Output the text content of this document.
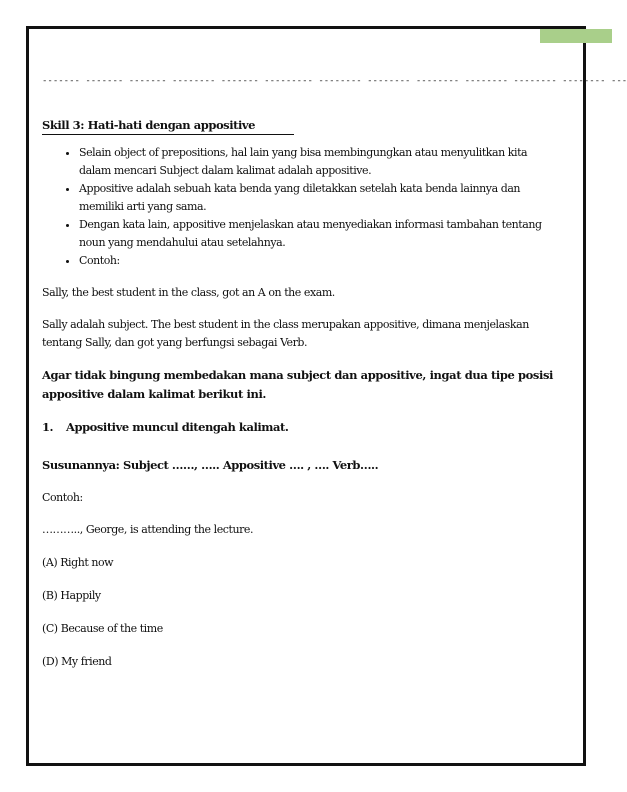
------- ------- ------- -------- ------- --------- -------- -------- -------- -------- -------- -------- ---

Skill 3: Hati-hati dengan appositive
• Selain object of prepositions, hal lain yang bisa membingungkan atau menyulitkan kita dalam mencari Subject dalam kalimat adalah appositive.
• Appositive adalah sebuah kata benda yang diletakkan setelah kata benda lainnya dan memiliki arti yang sama.
• Dengan kata lain, appositive menjelaskan atau menyediakan informasi tambahan tentang noun yang mendahului atau setelahnya.
• Contoh:

Sally, the best student in the class, got an A on the exam.

Sally adalah subject. The best student in the class merupakan appositive, dimana menjelaskan tentang Sally, dan got yang berfungsi sebagai Verb.

Agar tidak bingung membedakan mana subject dan appositive, ingat dua tipe posisi appositive dalam kalimat berikut ini.

1.	Appositive muncul ditengah kalimat.

Susunannya: Subject ……, ….. Appositive …. , …. Verb…..

Contoh:

……….., George, is attending the lecture.

(A) Right now

(B) Happily

(C) Because of the time

(D) My friend
